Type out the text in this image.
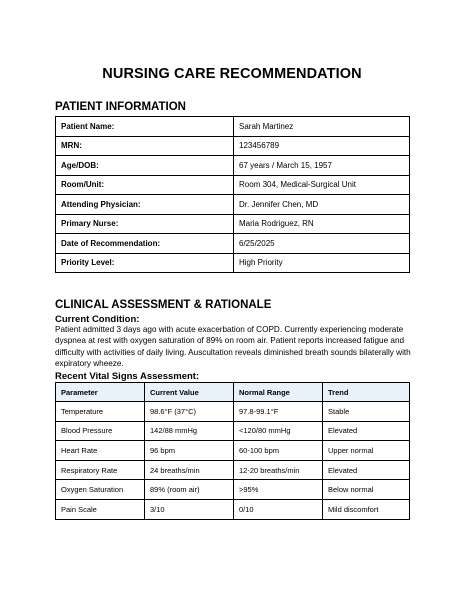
NURSING CARE RECOMMENDATION
PATIENT INFORMATION
Patient Name:	Sarah Martinez
MRN:	123456789
Age/DOB:	67 years / March 15, 1957
Room/Unit:	Room 304, Medical-Surgical Unit
Attending Physician:	Dr. Jennifer Chen, MD
Primary Nurse:	Maria Rodriguez, RN
Date of Recommendation:	6/25/2025
Priority Level:	High Priority
CLINICAL ASSESSMENT & RATIONALE
Current Condition:

Patient admitted 3 days ago with acute exacerbation of COPD. Currently experiencing moderate dyspnea at rest with oxygen saturation of 89% on room air. Patient reports increased fatigue and difficulty with activities of daily living. Auscultation reveals diminished breath sounds bilaterally with expiratory wheeze.

Recent Vital Signs Assessment:
Parameter	Current Value	Normal Range	Trend
Temperature	98.6°F (37°C)	97.8-99.1°F	Stable
Blood Pressure	142/88 mmHg	<120/80 mmHg	Elevated
Heart Rate	96 bpm	60-100 bpm	Upper normal
Respiratory Rate	24 breaths/min	12-20 breaths/min	Elevated
Oxygen Saturation	89% (room air)	>95%	Below normal
Pain Scale	3/10	0/10	Mild discomfort
